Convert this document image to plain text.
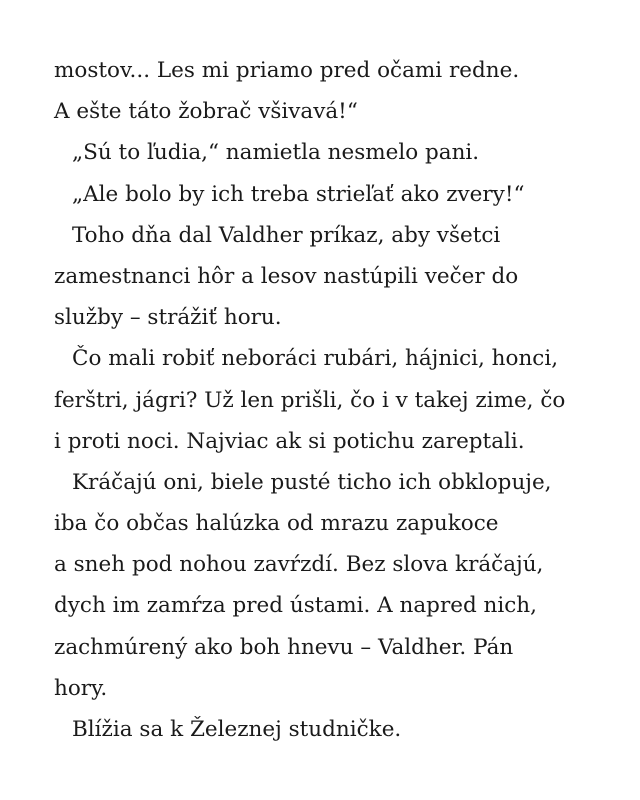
mostov... Les mi priamo pred očami redne.
A ešte táto žobrač všivavá!“
„Sú to ľudia,“ namietla nesmelo pani.
„Ale bolo by ich treba strieľať ako zvery!“
Toho dňa dal Valdher príkaz, aby všetci
zamestnanci hôr a lesov nastúpili večer do
služby – strážiť horu.
Čo mali robiť neboráci rubári, hájnici, honci,
ferštri, jágri? Už len prišli, čo i v takej zime, čo
i proti noci. Najviac ak si potichu zareptali.
Kráčajú oni, biele pusté ticho ich obklopuje,
iba čo občas halúzka od mrazu zapukoce
a sneh pod nohou zavŕzdí. Bez slova kráčajú,
dych im zamŕza pred ústami. A napred nich,
zachmúrený ako boh hnevu – Valdher. Pán
hory.
Blížia sa k Železnej studničke.
